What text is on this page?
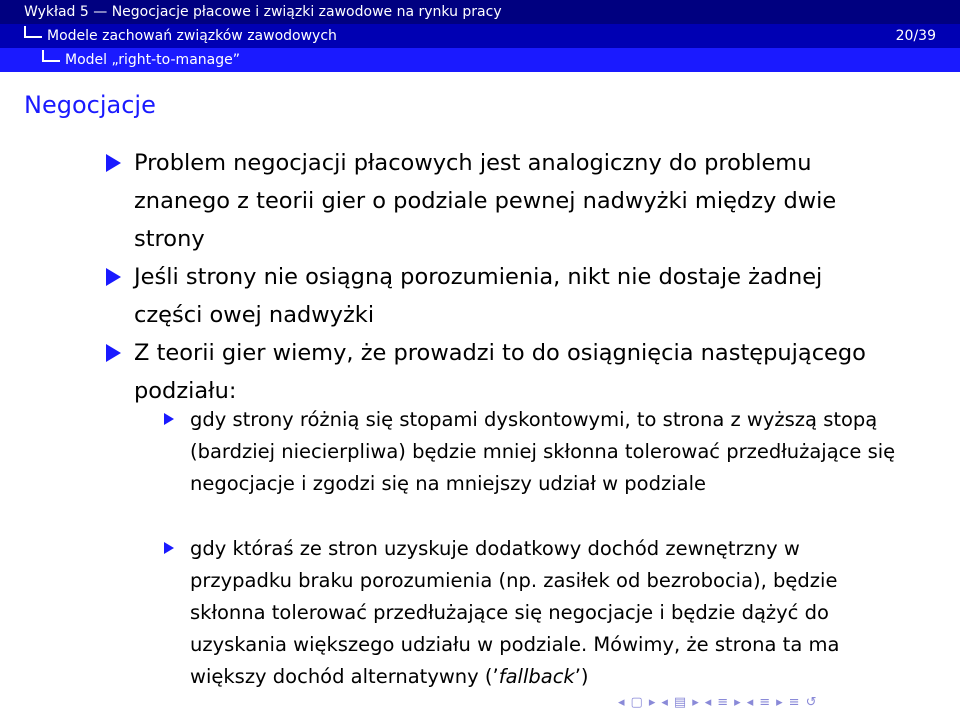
Wykład 5 — Negocjacje płacowe i związki zawodowe na rynku pracy
Modele zachowań związków zawodowych	20/39
Model „right-to-manage”
Negocjacje
Problem negocjacji płacowych jest analogiczny do problemu znanego z teorii gier o podziale pewnej nadwyżki między dwie strony
Jeśli strony nie osiągną porozumienia, nikt nie dostaje żadnej części owej nadwyżki
Z teorii gier wiemy, że prowadzi to do osiągnięcia następującego podziału:
gdy strony różnią się stopami dyskontowymi, to strona z wyższą stopą (bardziej niecierpliwa) będzie mniej skłonna tolerować przedłużające się negocjacje i zgodzi się na mniejszy udział w podziale
gdy któraś ze stron uzyskuje dodatkowy dochód zewnętrzny w przypadku braku porozumienia (np. zasiłek od bezrobocia), będzie skłonna tolerować przedłużające się negocjacje i będzie dążyć do uzyskania większego udziału w podziale. Mówimy, że strona ta ma większy dochód alternatywny (’fallback’)
◂ ▢ ▸ ◂ ▤ ▸ ◂ ≡ ▸ ◂ ≡ ▸ ≡ ↺
